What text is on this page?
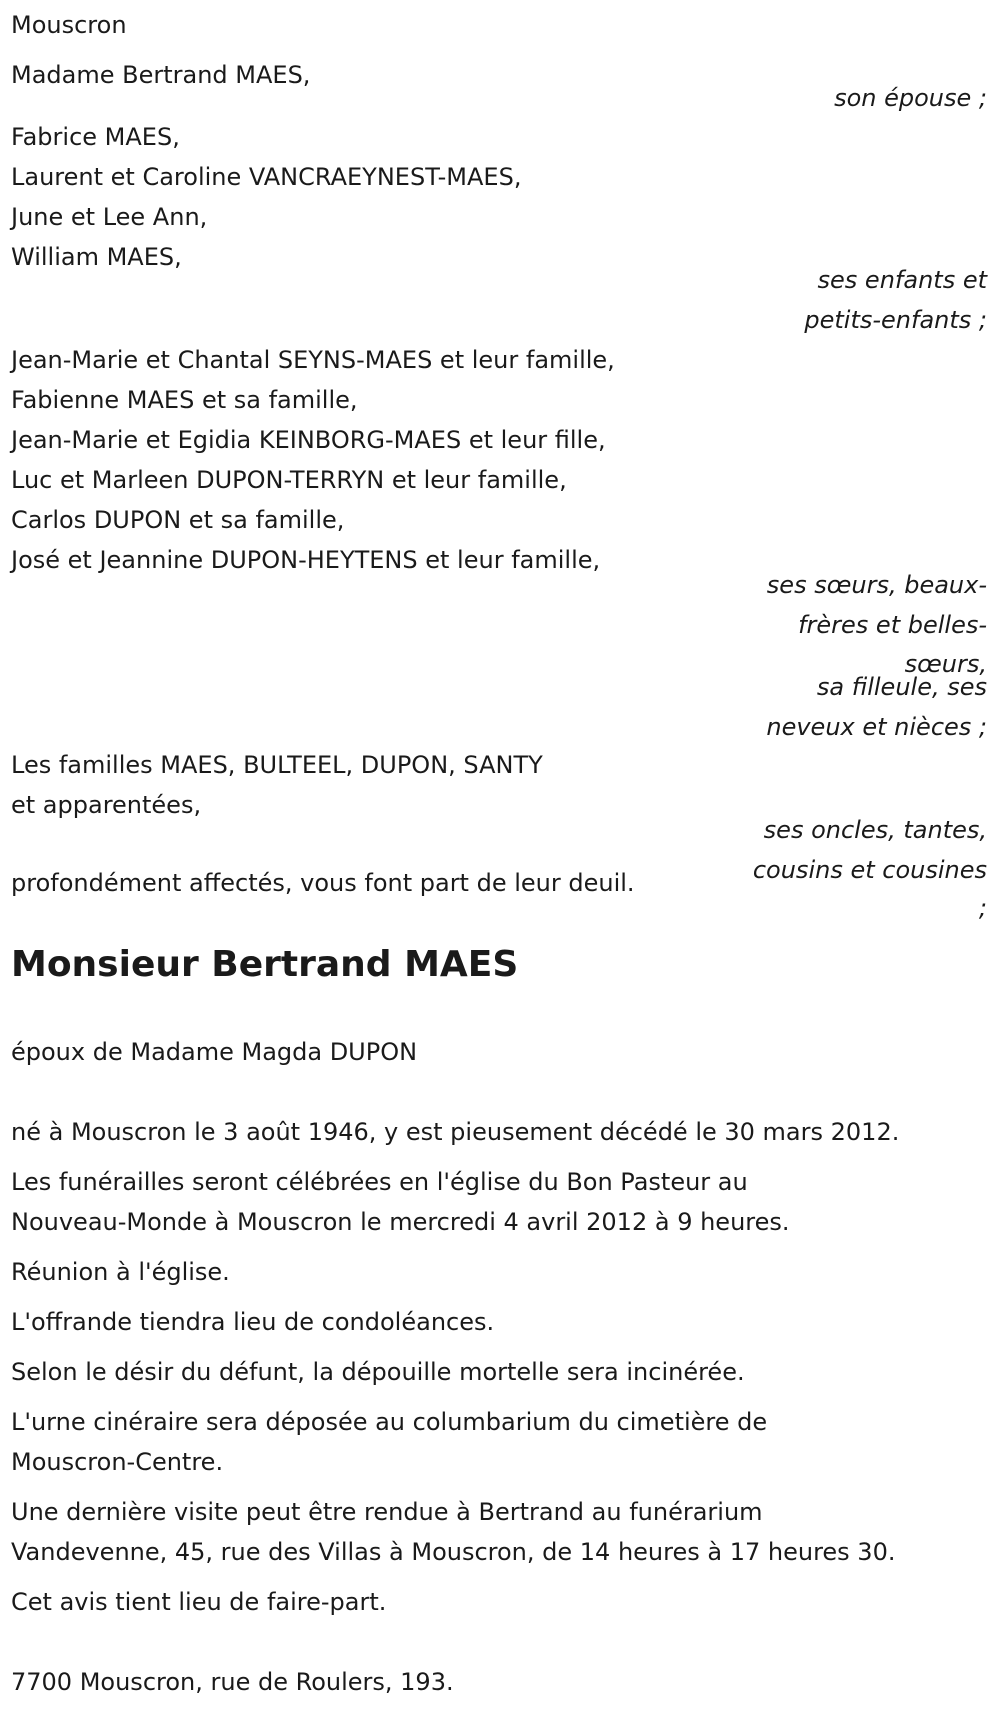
Mouscron
Madame Bertrand MAES,
son épouse ;
Fabrice MAES,
Laurent et Caroline VANCRAEYNEST-MAES,
June et Lee Ann,
William MAES,
ses enfants et
petits-enfants ;
Jean-Marie et Chantal SEYNS-MAES et leur famille,
Fabienne MAES et sa famille,
Jean-Marie et Egidia KEINBORG-MAES et leur fille,
Luc et Marleen DUPON-TERRYN et leur famille,
Carlos DUPON et sa famille,
José et Jeannine DUPON-HEYTENS et leur famille,
ses sœurs, beaux-
frères et belles-
sœurs,
sa filleule, ses
neveux et nièces ;
Les familles MAES, BULTEEL, DUPON, SANTY
et apparentées,
ses oncles, tantes,
cousins et cousines
;
profondément affectés, vous font part de leur deuil.
Monsieur Bertrand MAES
époux de Madame Magda DUPON
né à Mouscron le 3 août 1946, y est pieusement décédé le 30 mars 2012.
Les funérailles seront célébrées en l'église du Bon Pasteur au
Nouveau-Monde à Mouscron le mercredi 4 avril 2012 à 9 heures.
Réunion à l'église.
L'offrande tiendra lieu de condoléances.
Selon le désir du défunt, la dépouille mortelle sera incinérée.
L'urne cinéraire sera déposée au columbarium du cimetière de
Mouscron-Centre.
Une dernière visite peut être rendue à Bertrand au funérarium
Vandevenne, 45, rue des Villas à Mouscron, de 14 heures à 17 heures 30.
Cet avis tient lieu de faire-part.
7700 Mouscron, rue de Roulers, 193.
